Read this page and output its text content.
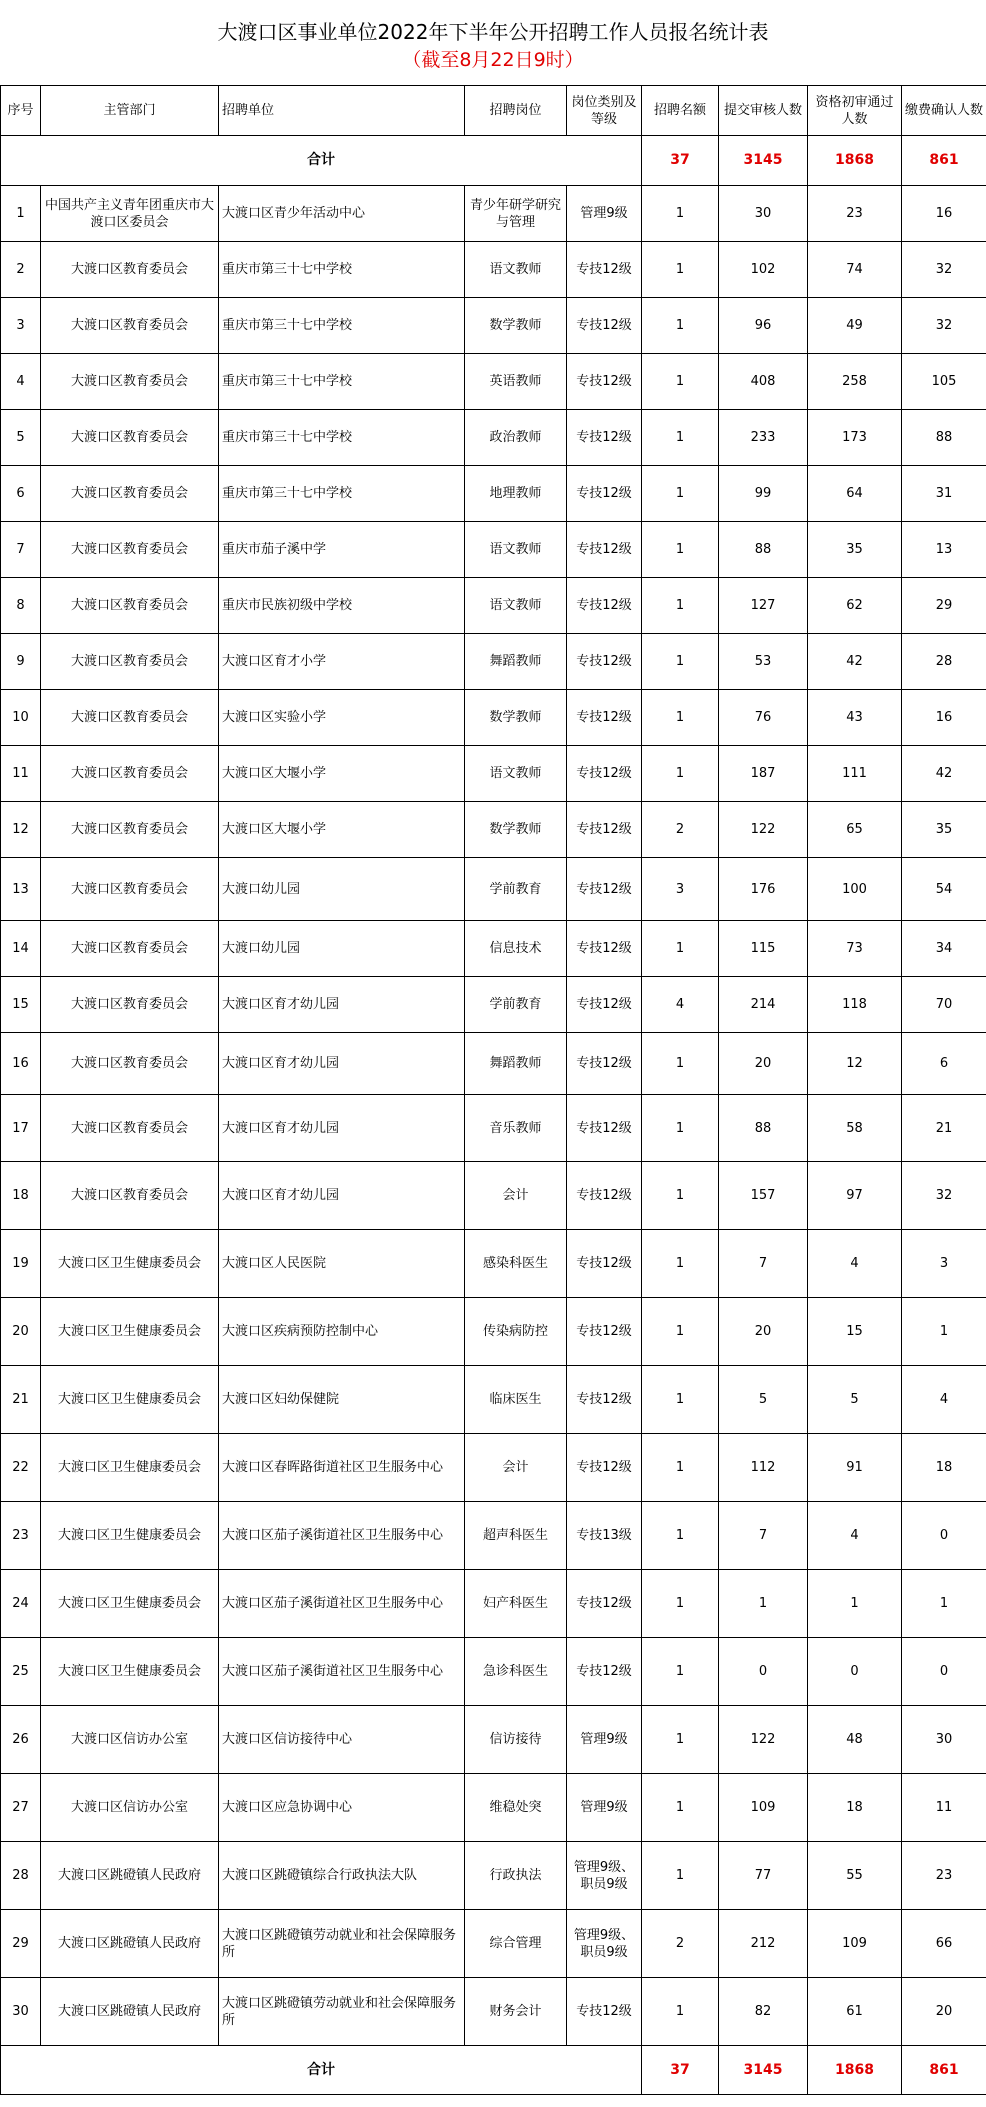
大渡口区事业单位2022年下半年公开招聘工作人员报名统计表
（截至8月22日9时）
序号	主管部门	招聘单位	招聘岗位	岗位类别及等级	招聘名额	提交审核人数	资格初审通过人数	缴费确认人数
合计					37	3145	1868	861
1	中国共产主义青年团重庆市大渡口区委员会	大渡口区青少年活动中心	青少年研学研究与管理	管理9级	1	30	23	16
2	大渡口区教育委员会	重庆市第三十七中学校	语文教师	专技12级	1	102	74	32
3	大渡口区教育委员会	重庆市第三十七中学校	数学教师	专技12级	1	96	49	32
4	大渡口区教育委员会	重庆市第三十七中学校	英语教师	专技12级	1	408	258	105
5	大渡口区教育委员会	重庆市第三十七中学校	政治教师	专技12级	1	233	173	88
6	大渡口区教育委员会	重庆市第三十七中学校	地理教师	专技12级	1	99	64	31
7	大渡口区教育委员会	重庆市茄子溪中学	语文教师	专技12级	1	88	35	13
8	大渡口区教育委员会	重庆市民族初级中学校	语文教师	专技12级	1	127	62	29
9	大渡口区教育委员会	大渡口区育才小学	舞蹈教师	专技12级	1	53	42	28
10	大渡口区教育委员会	大渡口区实验小学	数学教师	专技12级	1	76	43	16
11	大渡口区教育委员会	大渡口区大堰小学	语文教师	专技12级	1	187	111	42
12	大渡口区教育委员会	大渡口区大堰小学	数学教师	专技12级	2	122	65	35
13	大渡口区教育委员会	大渡口幼儿园	学前教育	专技12级	3	176	100	54
14	大渡口区教育委员会	大渡口幼儿园	信息技术	专技12级	1	115	73	34
15	大渡口区教育委员会	大渡口区育才幼儿园	学前教育	专技12级	4	214	118	70
16	大渡口区教育委员会	大渡口区育才幼儿园	舞蹈教师	专技12级	1	20	12	6
17	大渡口区教育委员会	大渡口区育才幼儿园	音乐教师	专技12级	1	88	58	21
18	大渡口区教育委员会	大渡口区育才幼儿园	会计	专技12级	1	157	97	32
19	大渡口区卫生健康委员会	大渡口区人民医院	感染科医生	专技12级	1	7	4	3
20	大渡口区卫生健康委员会	大渡口区疾病预防控制中心	传染病防控	专技12级	1	20	15	1
21	大渡口区卫生健康委员会	大渡口区妇幼保健院	临床医生	专技12级	1	5	5	4
22	大渡口区卫生健康委员会	大渡口区春晖路街道社区卫生服务中心	会计	专技12级	1	112	91	18
23	大渡口区卫生健康委员会	大渡口区茄子溪街道社区卫生服务中心	超声科医生	专技13级	1	7	4	0
24	大渡口区卫生健康委员会	大渡口区茄子溪街道社区卫生服务中心	妇产科医生	专技12级	1	1	1	1
25	大渡口区卫生健康委员会	大渡口区茄子溪街道社区卫生服务中心	急诊科医生	专技12级	1	0	0	0
26	大渡口区信访办公室	大渡口区信访接待中心	信访接待	管理9级	1	122	48	30
27	大渡口区信访办公室	大渡口区应急协调中心	维稳处突	管理9级	1	109	18	11
28	大渡口区跳磴镇人民政府	大渡口区跳磴镇综合行政执法大队	行政执法	管理9级、职员9级	1	77	55	23
29	大渡口区跳磴镇人民政府	大渡口区跳磴镇劳动就业和社会保障服务所	综合管理	管理9级、职员9级	2	212	109	66
30	大渡口区跳磴镇人民政府	大渡口区跳磴镇劳动就业和社会保障服务所	财务会计	专技12级	1	82	61	20
合计					37	3145	1868	861
